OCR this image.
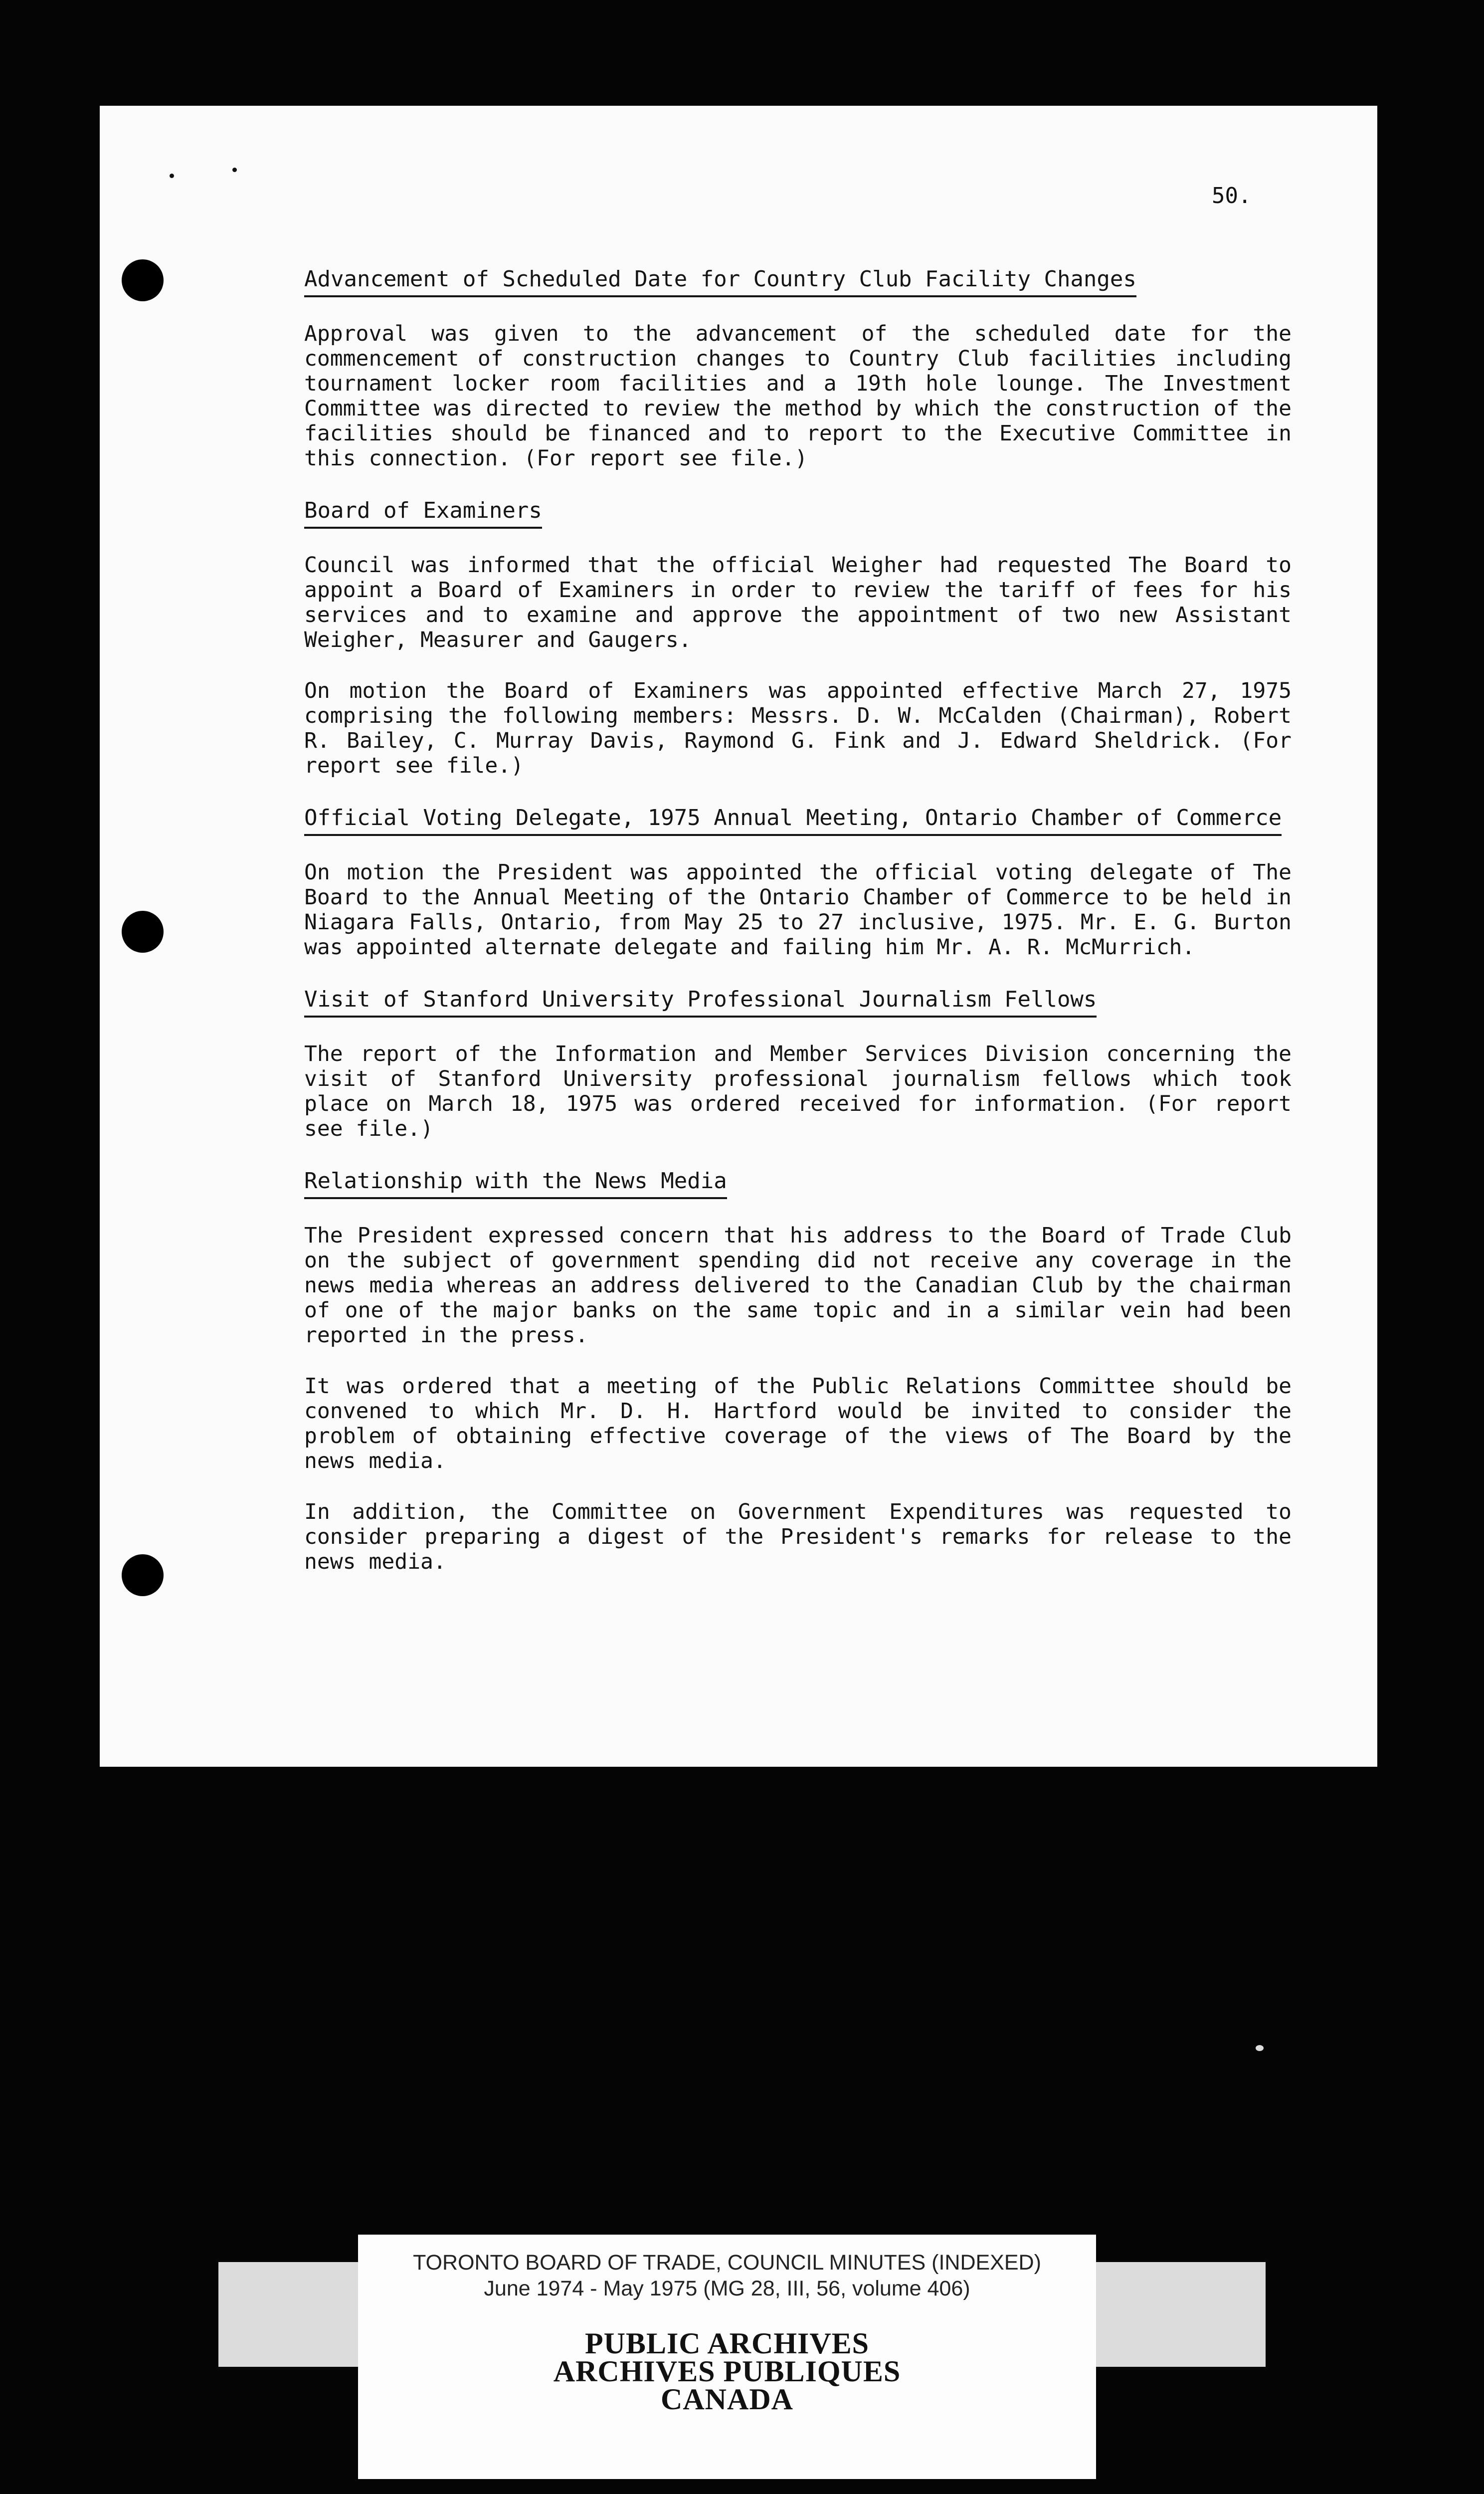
50.
Advancement of Scheduled Date for Country Club Facility Changes

Approval was given to the advancement of the scheduled date for the commencement of construction changes to Country Club facilities including tournament locker room facilities and a 19th hole lounge. The Investment Committee was directed to review the method by which the construction of the facilities should be financed and to report to the Executive Committee in this connection. (For report see file.)

Board of Examiners

Council was informed that the official Weigher had requested The Board to appoint a Board of Examiners in order to review the tariff of fees for his services and to examine and approve the appointment of two new Assistant Weigher, Measurer and Gaugers.

On motion the Board of Examiners was appointed effective March 27, 1975 comprising the following members: Messrs. D. W. McCalden (Chairman), Robert R. Bailey, C. Murray Davis, Raymond G. Fink and J. Edward Sheldrick. (For report see file.)

Official Voting Delegate, 1975 Annual Meeting, Ontario Chamber of Commerce

On motion the President was appointed the official voting delegate of The Board to the Annual Meeting of the Ontario Chamber of Commerce to be held in Niagara Falls, Ontario, from May 25 to 27 inclusive, 1975. Mr. E. G. Burton was appointed alternate delegate and failing him Mr. A. R. McMurrich.

Visit of Stanford University Professional Journalism Fellows

The report of the Information and Member Services Division concerning the visit of Stanford University professional journalism fellows which took place on March 18, 1975 was ordered received for information. (For report see file.)

Relationship with the News Media

The President expressed concern that his address to the Board of Trade Club on the subject of government spending did not receive any coverage in the news media whereas an address delivered to the Canadian Club by the chairman of one of the major banks on the same topic and in a similar vein had been reported in the press.

It was ordered that a meeting of the Public Relations Committee should be convened to which Mr. D. H. Hartford would be invited to consider the problem of obtaining effective coverage of the views of The Board by the news media.

In addition, the Committee on Government Expenditures was requested to consider preparing a digest of the President's remarks for release to the news media.

TORONTO BOARD OF TRADE, COUNCIL MINUTES (INDEXED)
June 1974 - May 1975 (MG 28, III, 56, volume 406)
PUBLIC ARCHIVES
ARCHIVES PUBLIQUES
CANADA
